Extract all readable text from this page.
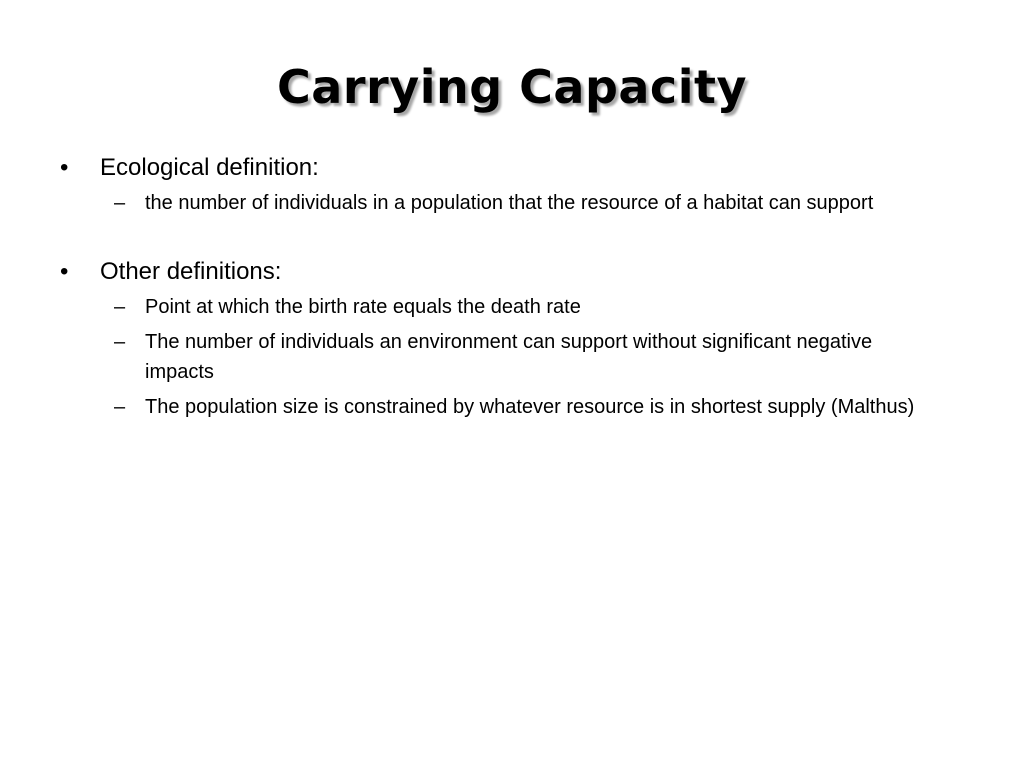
Carrying Capacity
•	Ecological definition:
– the number of individuals in a population that the resource of a habitat can support
•	Other definitions:
– Point at which the birth rate equals the death rate
– The number of individuals an environment can support without significant negative impacts
– The population size is constrained by whatever resource is in shortest supply (Malthus)
